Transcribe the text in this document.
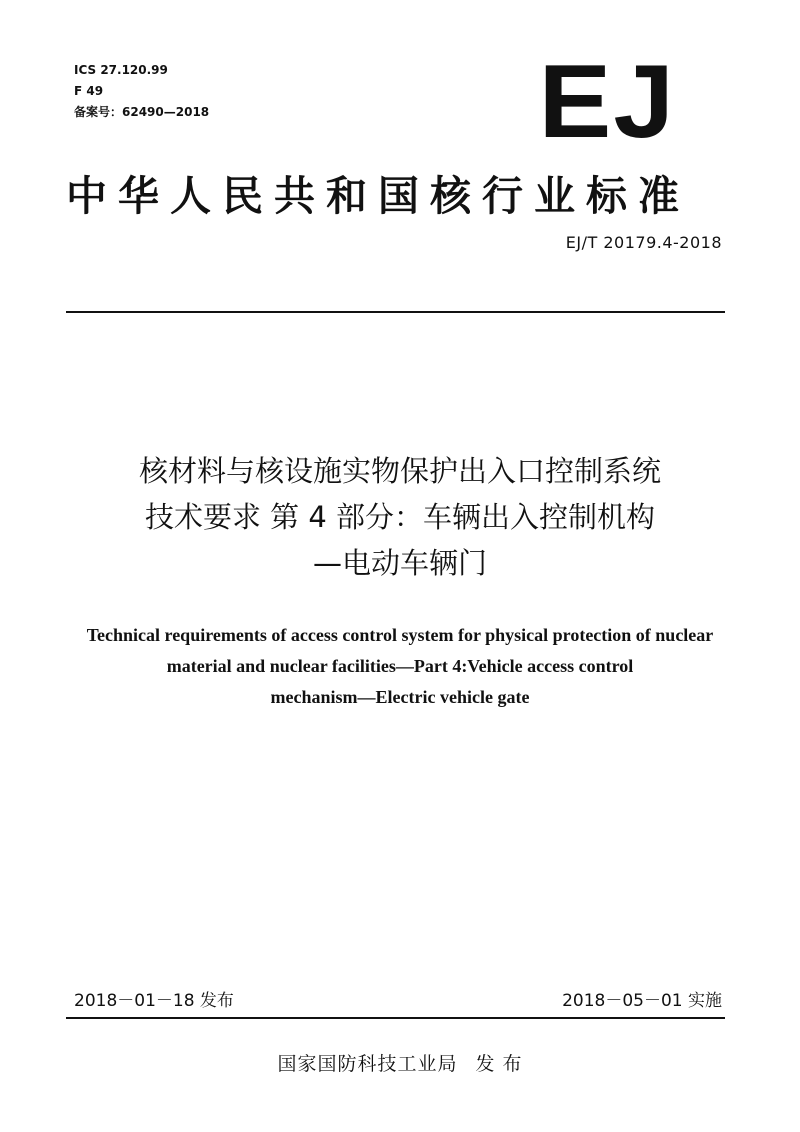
ICS 27.120.99
F 49
备案号：62490—2018	EJ
中华人民共和国核行业标准
EJ/T 20179.4-2018
核材料与核设施实物保护出入口控制系统
技术要求 第 4 部分：车辆出入控制机构
—电动车辆门
Technical requirements of access control system for physical protection of nuclear
material and nuclear facilities—Part 4:Vehicle access control
mechanism—Electric vehicle gate
2018－01－18 发布	2018－05－01 实施
国家国防科技工业局 发 布
